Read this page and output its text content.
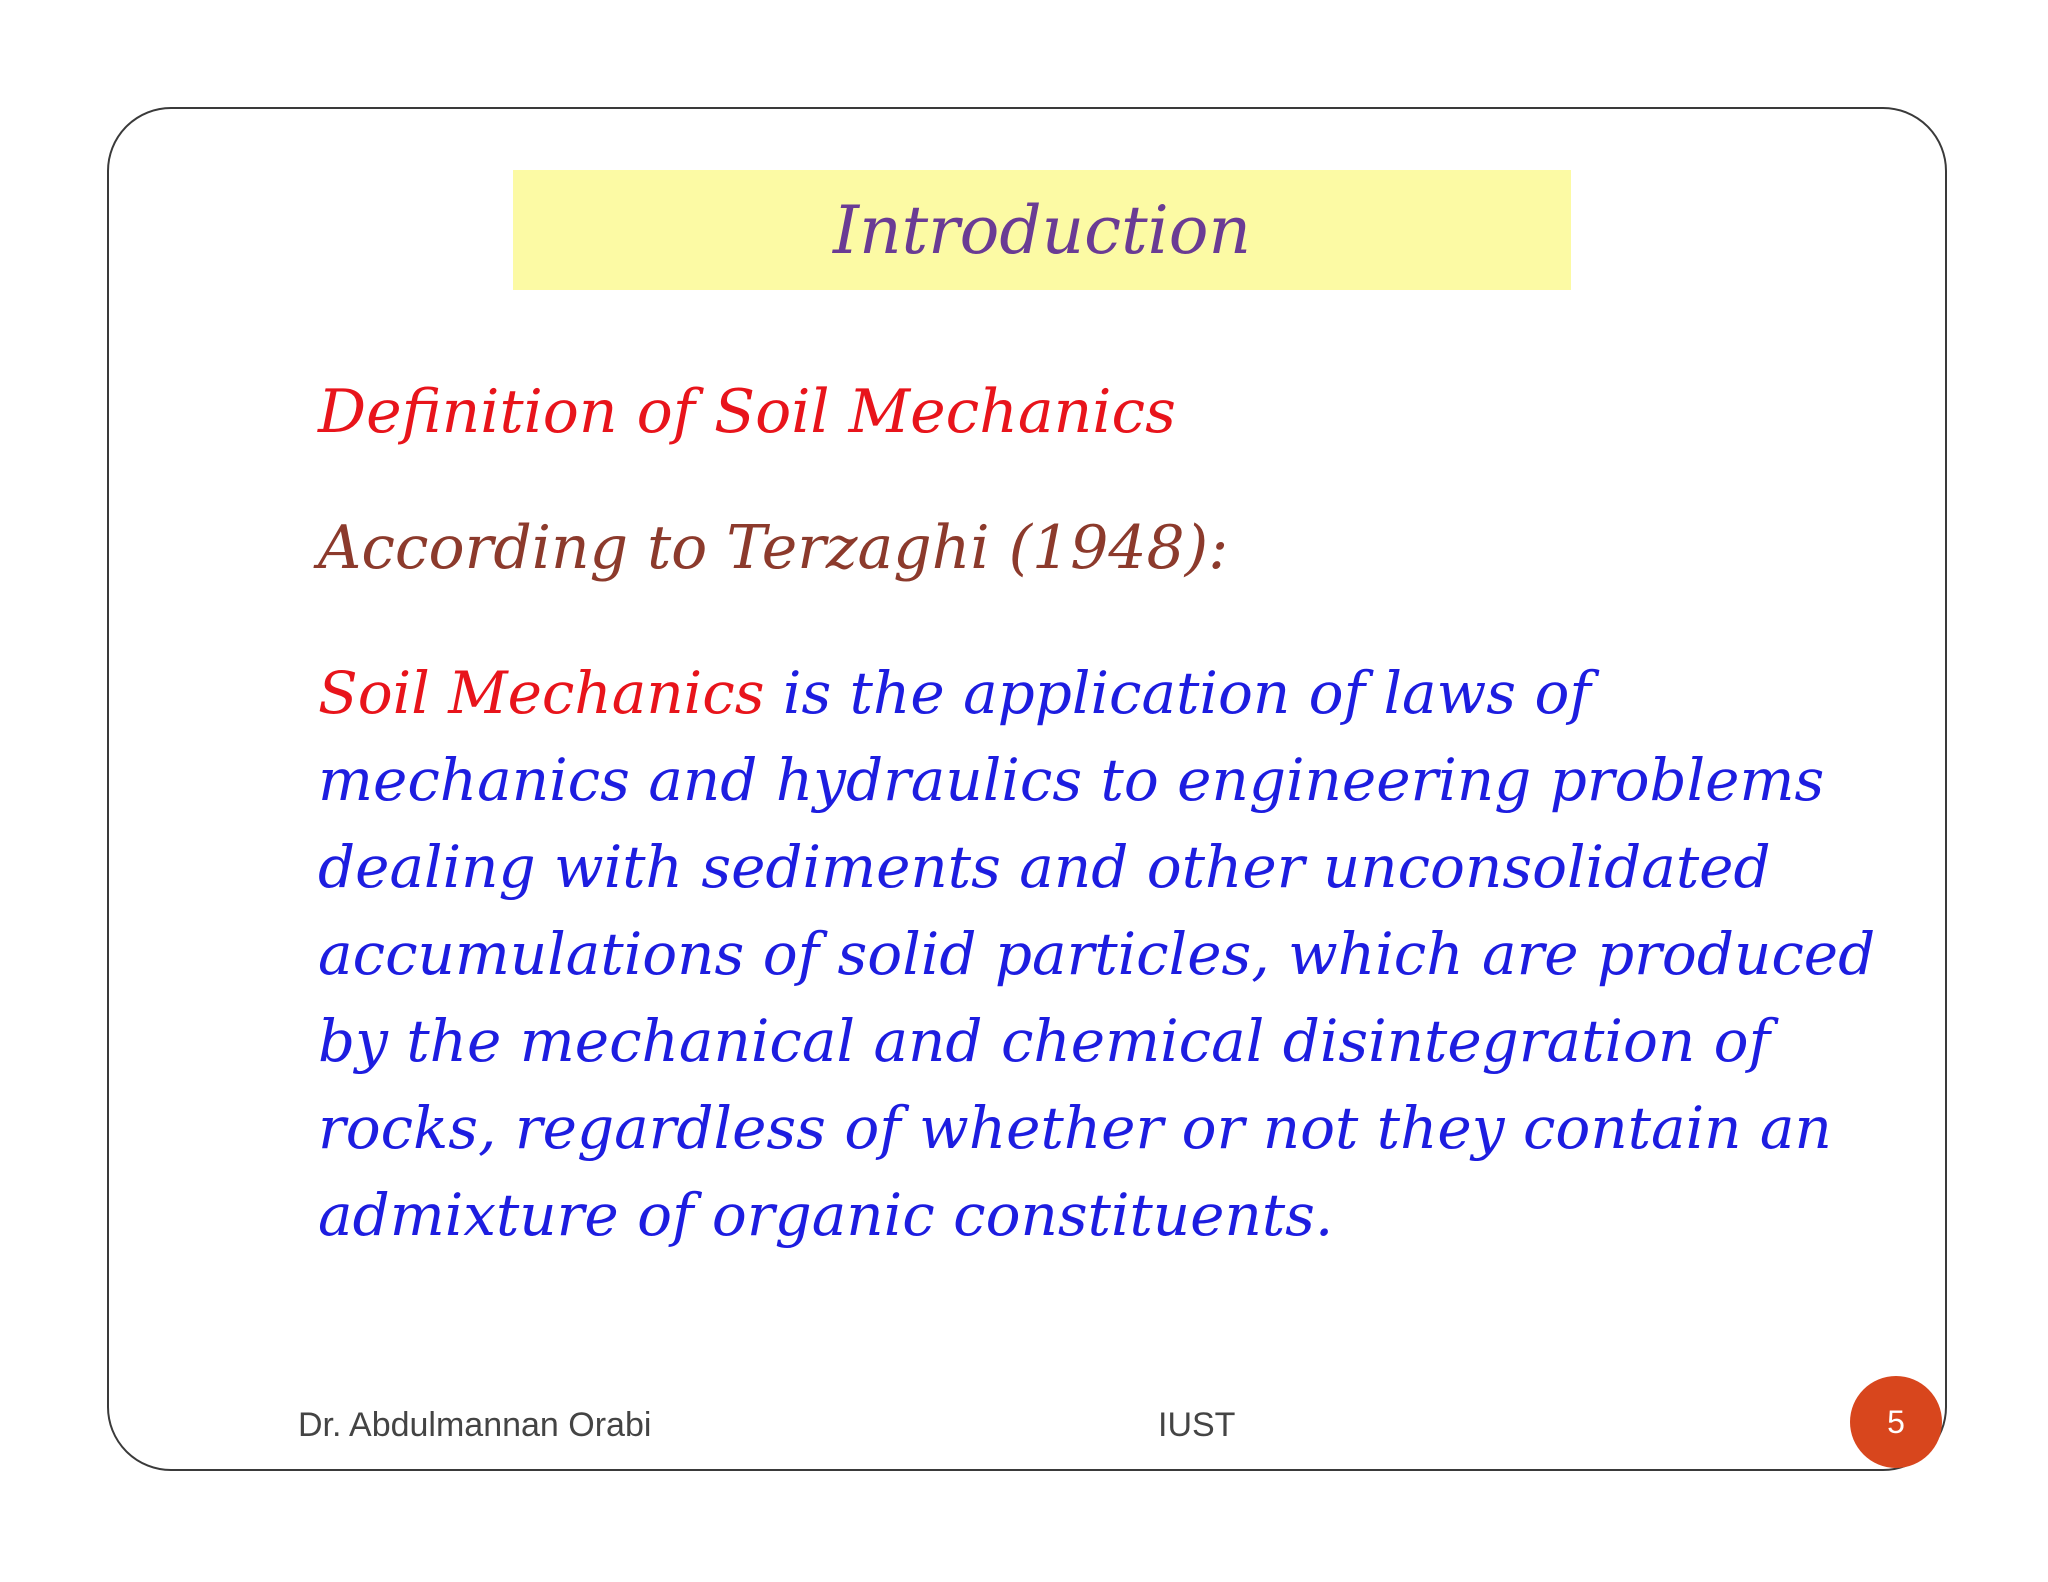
Introduction
Definition of Soil Mechanics
According to Terzaghi (1948):
Soil Mechanics is the application of laws of
mechanics and hydraulics to engineering problems
dealing with sediments and other unconsolidated
accumulations of solid particles, which are produced
by the mechanical and chemical disintegration of
rocks, regardless of whether or not they contain an
admixture of organic constituents.
Dr. Abdulmannan Orabi	IUST	5
